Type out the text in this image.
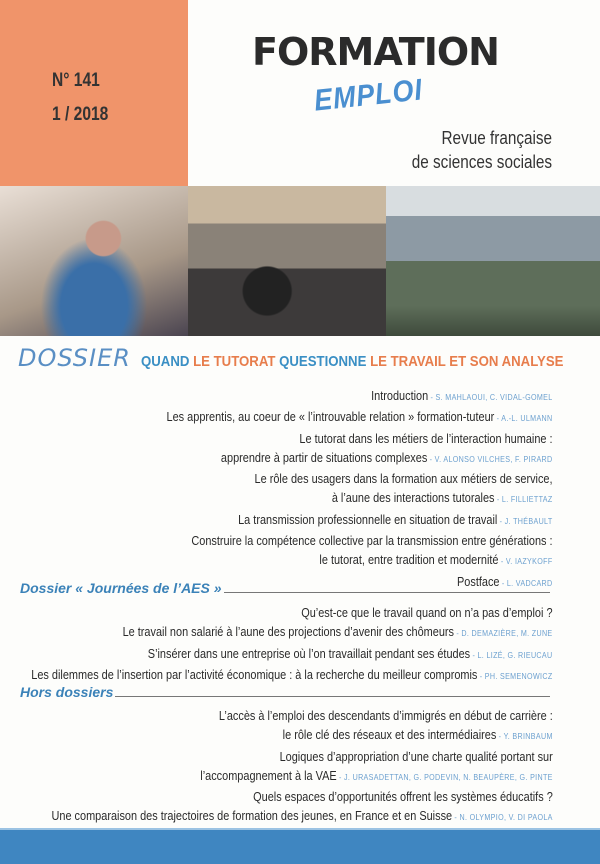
N° 141
1 / 2018
FORMATION
EMPLOI
Revue française
de sciences sociales
DOSSIER QUAND LE TUTORAT QUESTIONNE LE TRAVAIL ET SON ANALYSE
Introduction - S. MAHLAOUI, C. VIDAL-GOMEL
Les apprentis, au coeur de « l’introuvable relation » formation-tuteur - A.-L. ULMANN
Le tutorat dans les métiers de l’interaction humaine :
apprendre à partir de situations complexes - V. ALONSO VILCHES, F. PIRARD
Le rôle des usagers dans la formation aux métiers de service,
à l’aune des interactions tutorales - L. FILLIETTAZ
La transmission professionnelle en situation de travail - J. THÉBAULT
Construire la compétence collective par la transmission entre générations :
le tutorat, entre tradition et modernité - V. IAZYKOFF
Postface - L. VADCARD
Dossier « Journées de l’AES »
Qu’est-ce que le travail quand on n’a pas d’emploi ?
Le travail non salarié à l’aune des projections d’avenir des chômeurs - D. DEMAZIÈRE, M. ZUNE
S’insérer dans une entreprise où l’on travaillait pendant ses études - L. LIZÉ, G. RIEUCAU
Les dilemmes de l’insertion par l’activité économique : à la recherche du meilleur compromis - PH. SEMENOWICZ
Hors dossiers
L’accès à l’emploi des descendants d’immigrés en début de carrière :
le rôle clé des réseaux et des intermédiaires - Y. BRINBAUM
Logiques d’appropriation d’une charte qualité portant sur
l’accompagnement à la VAE - J. URASADETTAN, G. PODEVIN, N. BEAUPÈRE, G. PINTE
Quels espaces d’opportunités offrent les systèmes éducatifs ?
Une comparaison des trajectoires de formation des jeunes, en France et en Suisse - N. OLYMPIO, V. DI PAOLA
